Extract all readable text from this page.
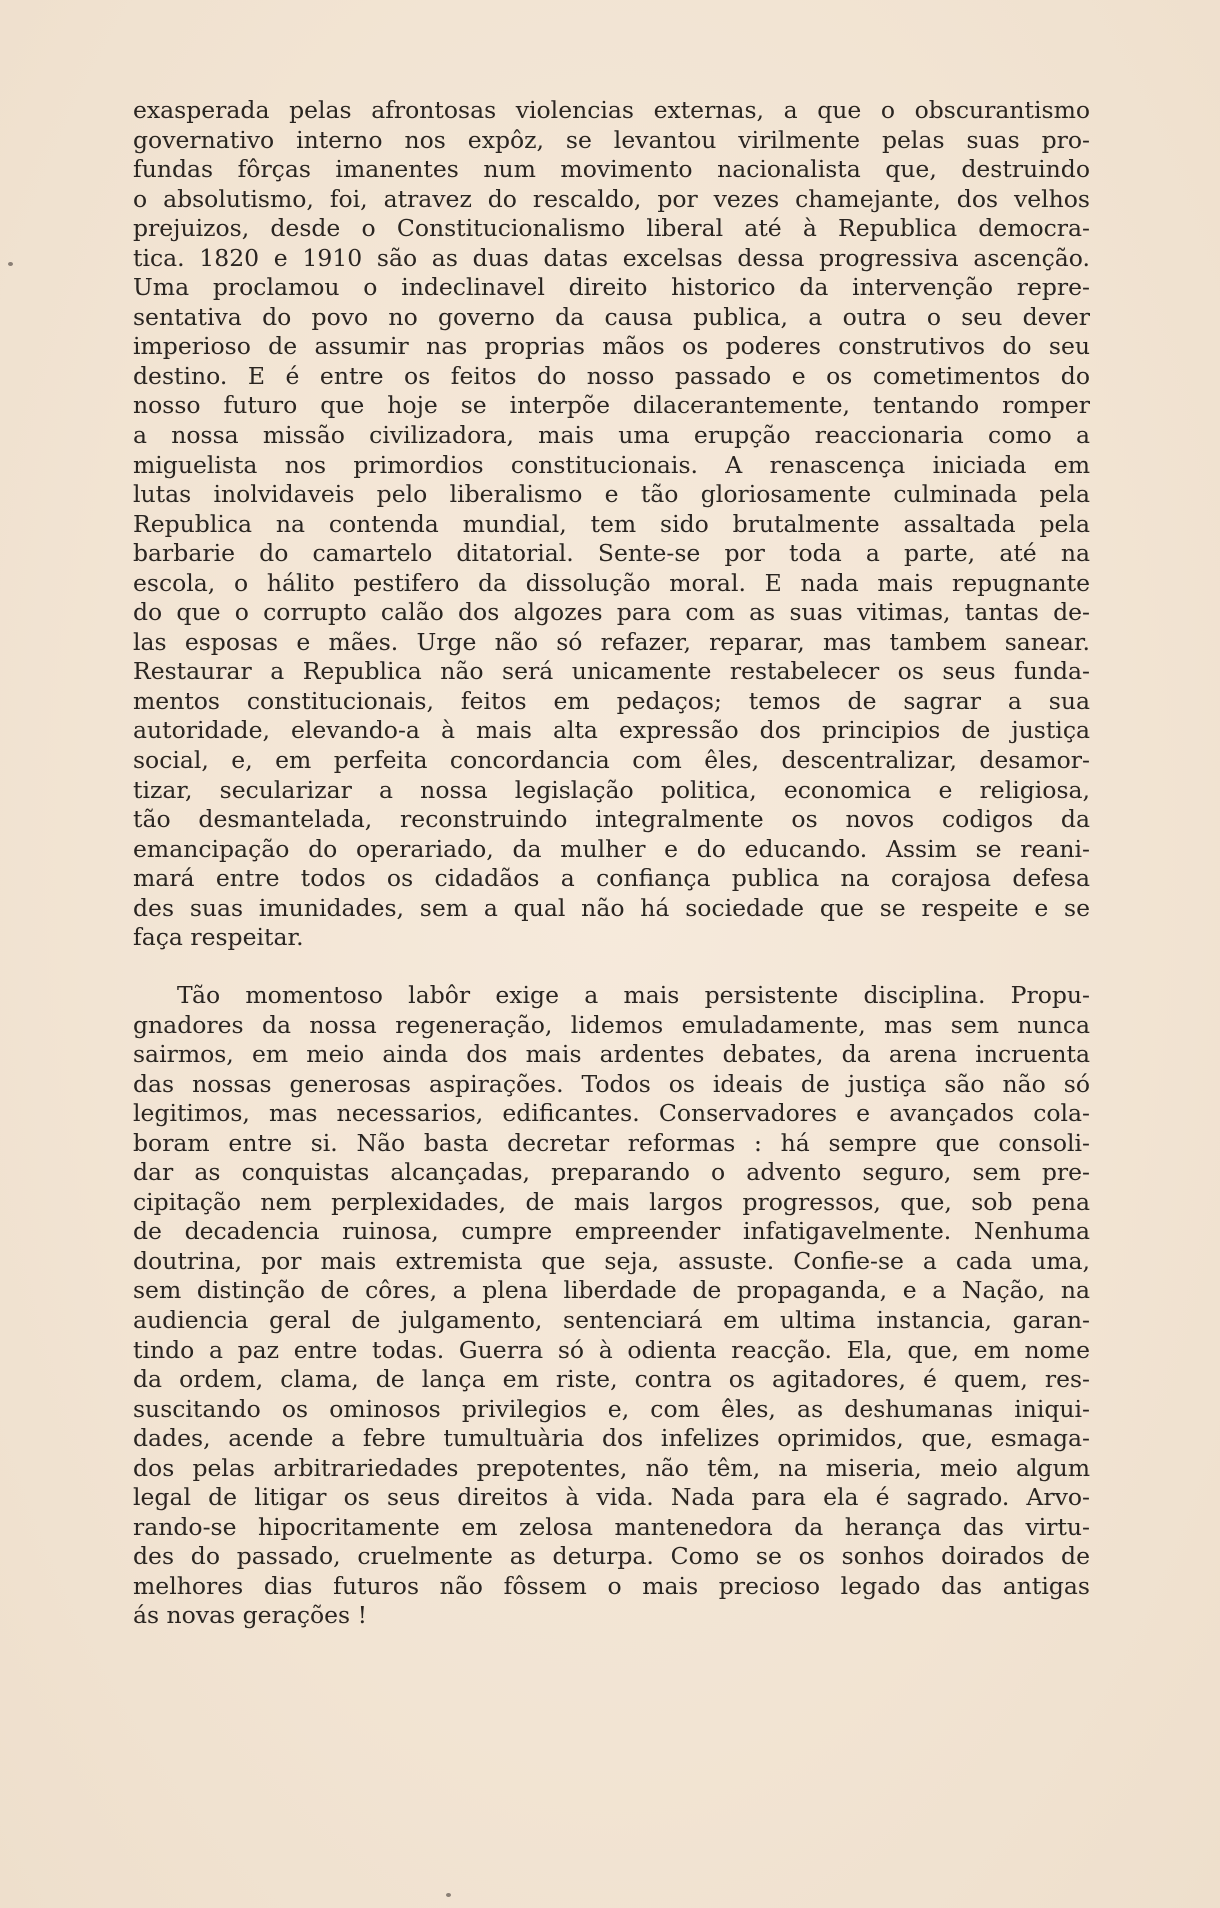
exasperada pelas afrontosas violencias externas, a que o obscurantismo
governativo interno nos expôz, se levantou virilmente pelas suas pro-
fundas fôrças imanentes num movimento nacionalista que, destruindo
o absolutismo, foi, atravez do rescaldo, por vezes chamejante, dos velhos
prejuizos, desde o Constitucionalismo liberal até à Republica democra-
tica. 1820 e 1910 são as duas datas excelsas dessa progressiva ascenção.
Uma proclamou o indeclinavel direito historico da intervenção repre-
sentativa do povo no governo da causa publica, a outra o seu dever
imperioso de assumir nas proprias mãos os poderes construtivos do seu
destino. E é entre os feitos do nosso passado e os cometimentos do
nosso futuro que hoje se interpõe dilacerantemente, tentando romper
a nossa missão civilizadora, mais uma erupção reaccionaria como a
miguelista nos primordios constitucionais. A renascença iniciada em
lutas inolvidaveis pelo liberalismo e tão gloriosamente culminada pela
Republica na contenda mundial, tem sido brutalmente assaltada pela
barbarie do camartelo ditatorial. Sente-se por toda a parte, até na
escola, o hálito pestifero da dissolução moral. E nada mais repugnante
do que o corrupto calão dos algozes para com as suas vitimas, tantas de-
las esposas e mães. Urge não só refazer, reparar, mas tambem sanear.
Restaurar a Republica não será unicamente restabelecer os seus funda-
mentos constitucionais, feitos em pedaços; temos de sagrar a sua
autoridade, elevando-a à mais alta expressão dos principios de justiça
social, e, em perfeita concordancia com êles, descentralizar, desamor-
tizar, secularizar a nossa legislação politica, economica e religiosa,
tão desmantelada, reconstruindo integralmente os novos codigos da
emancipação do operariado, da mulher e do educando. Assim se reani-
mará entre todos os cidadãos a confiança publica na corajosa defesa
des suas imunidades, sem a qual não há sociedade que se respeite e se
faça respeitar.
Tão momentoso labôr exige a mais persistente disciplina. Propu-
gnadores da nossa regeneração, lidemos emuladamente, mas sem nunca
sairmos, em meio ainda dos mais ardentes debates, da arena incruenta
das nossas generosas aspirações. Todos os ideais de justiça são não só
legitimos, mas necessarios, edificantes. Conservadores e avançados cola-
boram entre si. Não basta decretar reformas : há sempre que consoli-
dar as conquistas alcançadas, preparando o advento seguro, sem pre-
cipitação nem perplexidades, de mais largos progressos, que, sob pena
de decadencia ruinosa, cumpre empreender infatigavelmente. Nenhuma
doutrina, por mais extremista que seja, assuste. Confie-se a cada uma,
sem distinção de côres, a plena liberdade de propaganda, e a Nação, na
audiencia geral de julgamento, sentenciará em ultima instancia, garan-
tindo a paz entre todas. Guerra só à odienta reacção. Ela, que, em nome
da ordem, clama, de lança em riste, contra os agitadores, é quem, res-
suscitando os ominosos privilegios e, com êles, as deshumanas iniqui-
dades, acende a febre tumultuària dos infelizes oprimidos, que, esmaga-
dos pelas arbitrariedades prepotentes, não têm, na miseria, meio algum
legal de litigar os seus direitos à vida. Nada para ela é sagrado. Arvo-
rando-se hipocritamente em zelosa mantenedora da herança das virtu-
des do passado, cruelmente as deturpa. Como se os sonhos doirados de
melhores dias futuros não fôssem o mais precioso legado das antigas
ás novas gerações !
